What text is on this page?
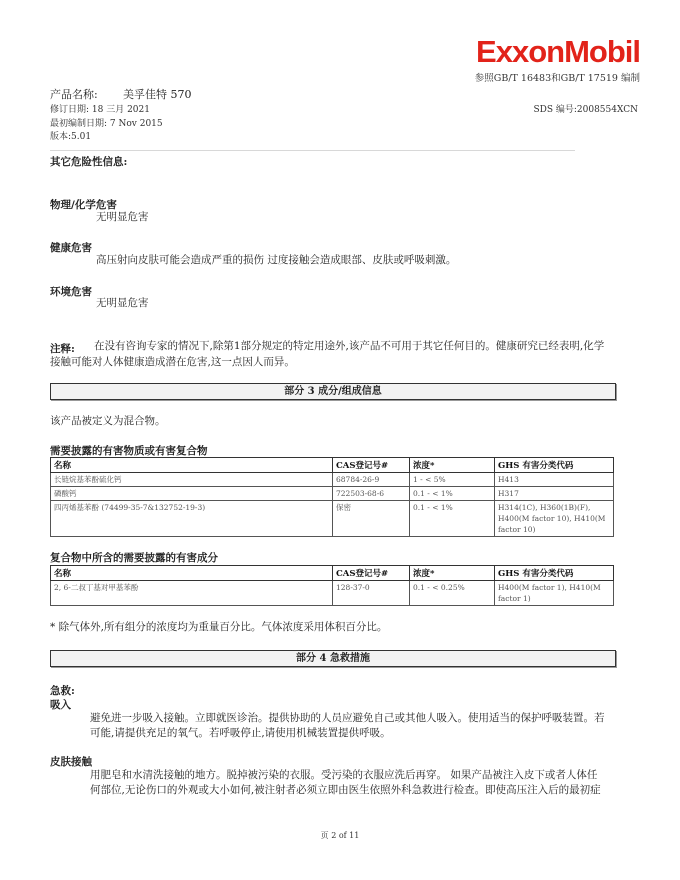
ExxonMobil
参照GB/T 16483和GB/T 17519 编制
产品名称: 美孚佳特 570
修订日期: 18 三月 2021	SDS 编号:2008554XCN
最初编制日期: 7 Nov 2015
版本:5.01
其它危险性信息:
物理/化学危害
无明显危害
健康危害
高压射向皮肤可能会造成严重的损伤 过度接触会造成眼部、皮肤或呼吸刺激。
环境危害
无明显危害
注释: 在没有咨询专家的情况下,除第1部分规定的特定用途外,该产品不可用于其它任何目的。健康研究已经表明,化学
接触可能对人体健康造成潜在危害,这一点因人而异。
部分 3 成分/组成信息
该产品被定义为混合物。
需要披露的有害物质或有害复合物
名称	CAS登记号#	浓度*	GHS 有害分类代码
长链烷基苯酚硫化钙	68784-26-9	1 - < 5%	H413
磷酸钙	722503-68-6	0.1 - < 1%	H317
四丙烯基苯酚 (74499-35-7&132752-19-3)	保密	0.1 - < 1%	H314(1C), H360(1B)(F), H400(M factor 10), H410(M factor 10)
复合物中所含的需要披露的有害成分
名称	CAS登记号#	浓度*	GHS 有害分类代码
2, 6-二叔丁基对甲基苯酚	128-37-0	0.1 - < 0.25%	H400(M factor 1), H410(M factor 1)
* 除气体外,所有组分的浓度均为重量百分比。气体浓度采用体积百分比。
部分 4 急救措施
急救:
吸入
避免进一步吸入接触。立即就医诊治。提供协助的人员应避免自己或其他人吸入。使用适当的保护呼吸装置。若
可能,请提供充足的氧气。若呼吸停止,请使用机械装置提供呼吸。
皮肤接触
用肥皂和水清洗接触的地方。脱掉被污染的衣服。受污染的衣服应洗后再穿。 如果产品被注入皮下或者人体任
何部位,无论伤口的外观或大小如何,被注射者必须立即由医生依照外科急救进行检查。即使高压注入后的最初症
页 2 of 11
